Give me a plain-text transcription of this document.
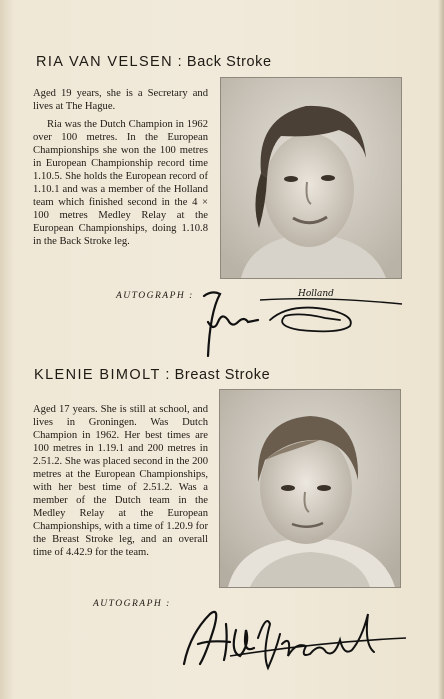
RIA VAN VELSEN : Back Stroke

Aged 19 years, she is a Secretary and lives at The Hague.

Ria was the Dutch Champion in 1962 over 100 metres. In the European Championships she won the 100 metres in European Championship record time 1.10.5. She holds the European record of 1.10.1 and was a member of the Holland team which finished second in the 4 × 100 metres Medley Relay at the European Championships, doing 1.10.8 in the Back Stroke leg.

AUTOGRAPH :	Holland
KLENIE BIMOLT : Breast Stroke

Aged 17 years. She is still at school, and lives in Groningen. Was Dutch Champion in 1962. Her best times are 100 metres in 1.19.1 and 200 metres in 2.51.2. She was placed second in the 200 metres at the European Championships, with her best time of 2.51.2. Was a member of the Dutch team in the Medley Relay at the European Championships, with a time of 1.20.9 for the Breast Stroke leg, and an overall time of 4.42.9 for the team.

AUTOGRAPH :
